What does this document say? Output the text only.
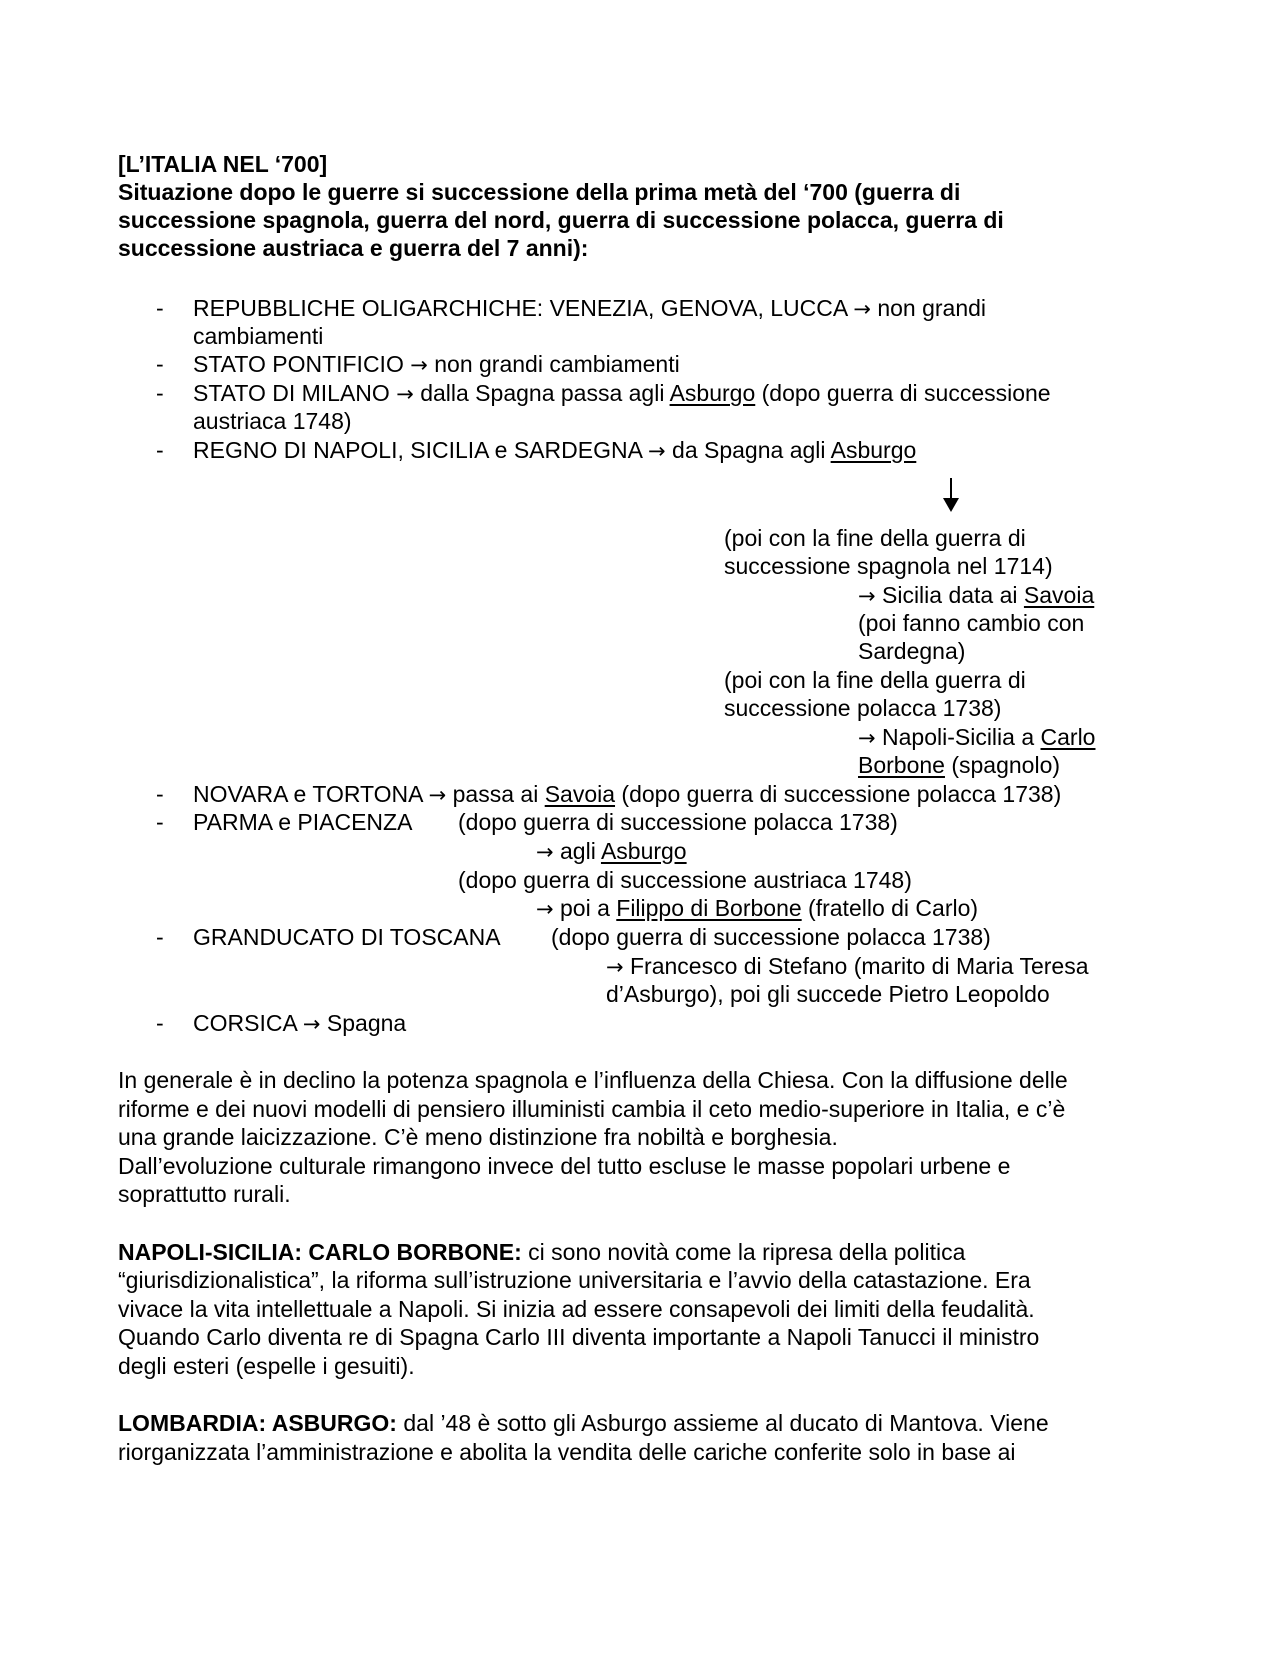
[L’ITALIA NEL ‘700]
Situazione dopo le guerre si successione della prima metà del ‘700 (guerra di
successione spagnola, guerra del nord, guerra di successione polacca, guerra di
successione austriaca e guerra del 7 anni):
- REPUBBLICHE OLIGARCHICHE: VENEZIA, GENOVA, LUCCA → non grandi
cambiamenti
- STATO PONTIFICIO → non grandi cambiamenti
- STATO DI MILANO → dalla Spagna passa agli Asburgo (dopo guerra di successione
austriaca 1748)
- REGNO DI NAPOLI, SICILIA e SARDEGNA → da Spagna agli Asburgo
(poi con la fine della guerra di
successione spagnola nel 1714)
→ Sicilia data ai Savoia
(poi fanno cambio con
Sardegna)
(poi con la fine della guerra di
successione polacca 1738)
→ Napoli-Sicilia a Carlo
Borbone (spagnolo)
- NOVARA e TORTONA → passa ai Savoia (dopo guerra di successione polacca 1738)
- PARMA e PIACENZA (dopo guerra di successione polacca 1738)
→ agli Asburgo
(dopo guerra di successione austriaca 1748)
→ poi a Filippo di Borbone (fratello di Carlo)
- GRANDUCATO DI TOSCANA (dopo guerra di successione polacca 1738)
→ Francesco di Stefano (marito di Maria Teresa
d’Asburgo), poi gli succede Pietro Leopoldo
- CORSICA → Spagna
In generale è in declino la potenza spagnola e l’influenza della Chiesa. Con la diffusione delle
riforme e dei nuovi modelli di pensiero illuministi cambia il ceto medio-superiore in Italia, e c’è
una grande laicizzazione. C’è meno distinzione fra nobiltà e borghesia.
Dall’evoluzione culturale rimangono invece del tutto escluse le masse popolari urbene e
soprattutto rurali.
NAPOLI-SICILIA: CARLO BORBONE: ci sono novità come la ripresa della politica
“giurisdizionalistica”, la riforma sull’istruzione universitaria e l’avvio della catastazione. Era
vivace la vita intellettuale a Napoli. Si inizia ad essere consapevoli dei limiti della feudalità.
Quando Carlo diventa re di Spagna Carlo III diventa importante a Napoli Tanucci il ministro
degli esteri (espelle i gesuiti).
LOMBARDIA: ASBURGO: dal ’48 è sotto gli Asburgo assieme al ducato di Mantova. Viene
riorganizzata l’amministrazione e abolita la vendita delle cariche conferite solo in base ai
